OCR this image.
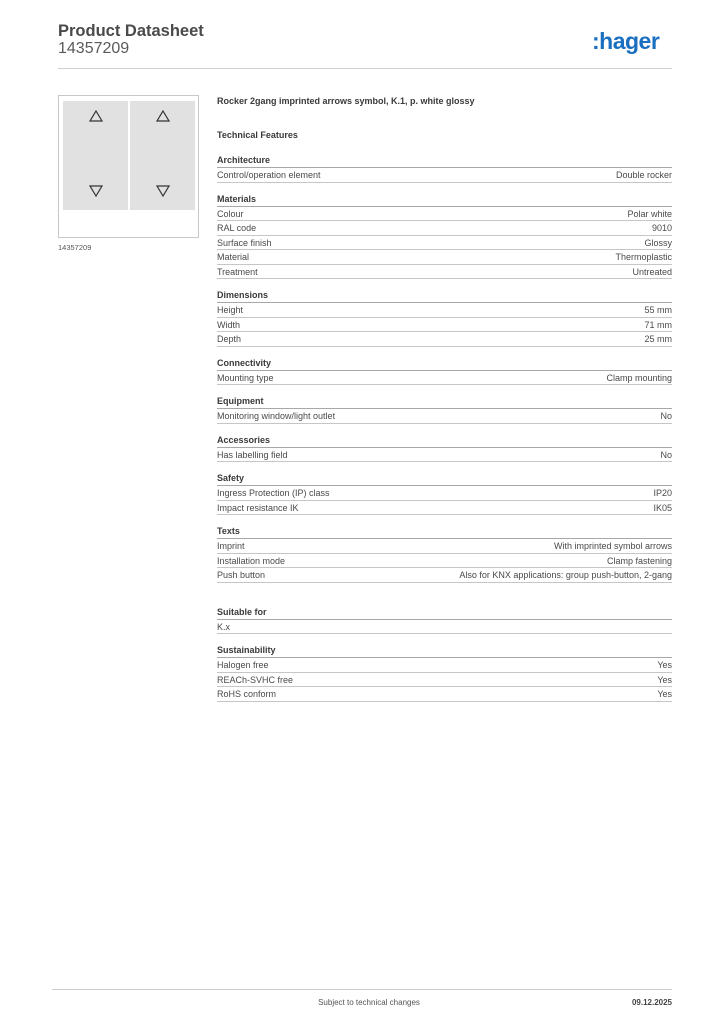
Product Datasheet
14357209	:hager
14357209
Rocker 2gang imprinted arrows symbol, K.1, p. white glossy
Technical Features
Architecture
Control/operation element	Double rocker
Materials
Colour	Polar white
RAL code	9010
Surface finish	Glossy
Material	Thermoplastic
Treatment	Untreated
Dimensions
Height	55 mm
Width	71 mm
Depth	25 mm
Connectivity
Mounting type	Clamp mounting
Equipment
Monitoring window/light outlet	No
Accessories
Has labelling field	No
Safety
Ingress Protection (IP) class	IP20
Impact resistance IK	IK05
Texts
Imprint	With imprinted symbol arrows
Installation mode	Clamp fastening
Push button	Also for KNX applications: group push-button, 2-gang
Suitable for
K.x
Sustainability
Halogen free	Yes
REACh-SVHC free	Yes
RoHS conform	Yes
Subject to technical changes	09.12.2025
